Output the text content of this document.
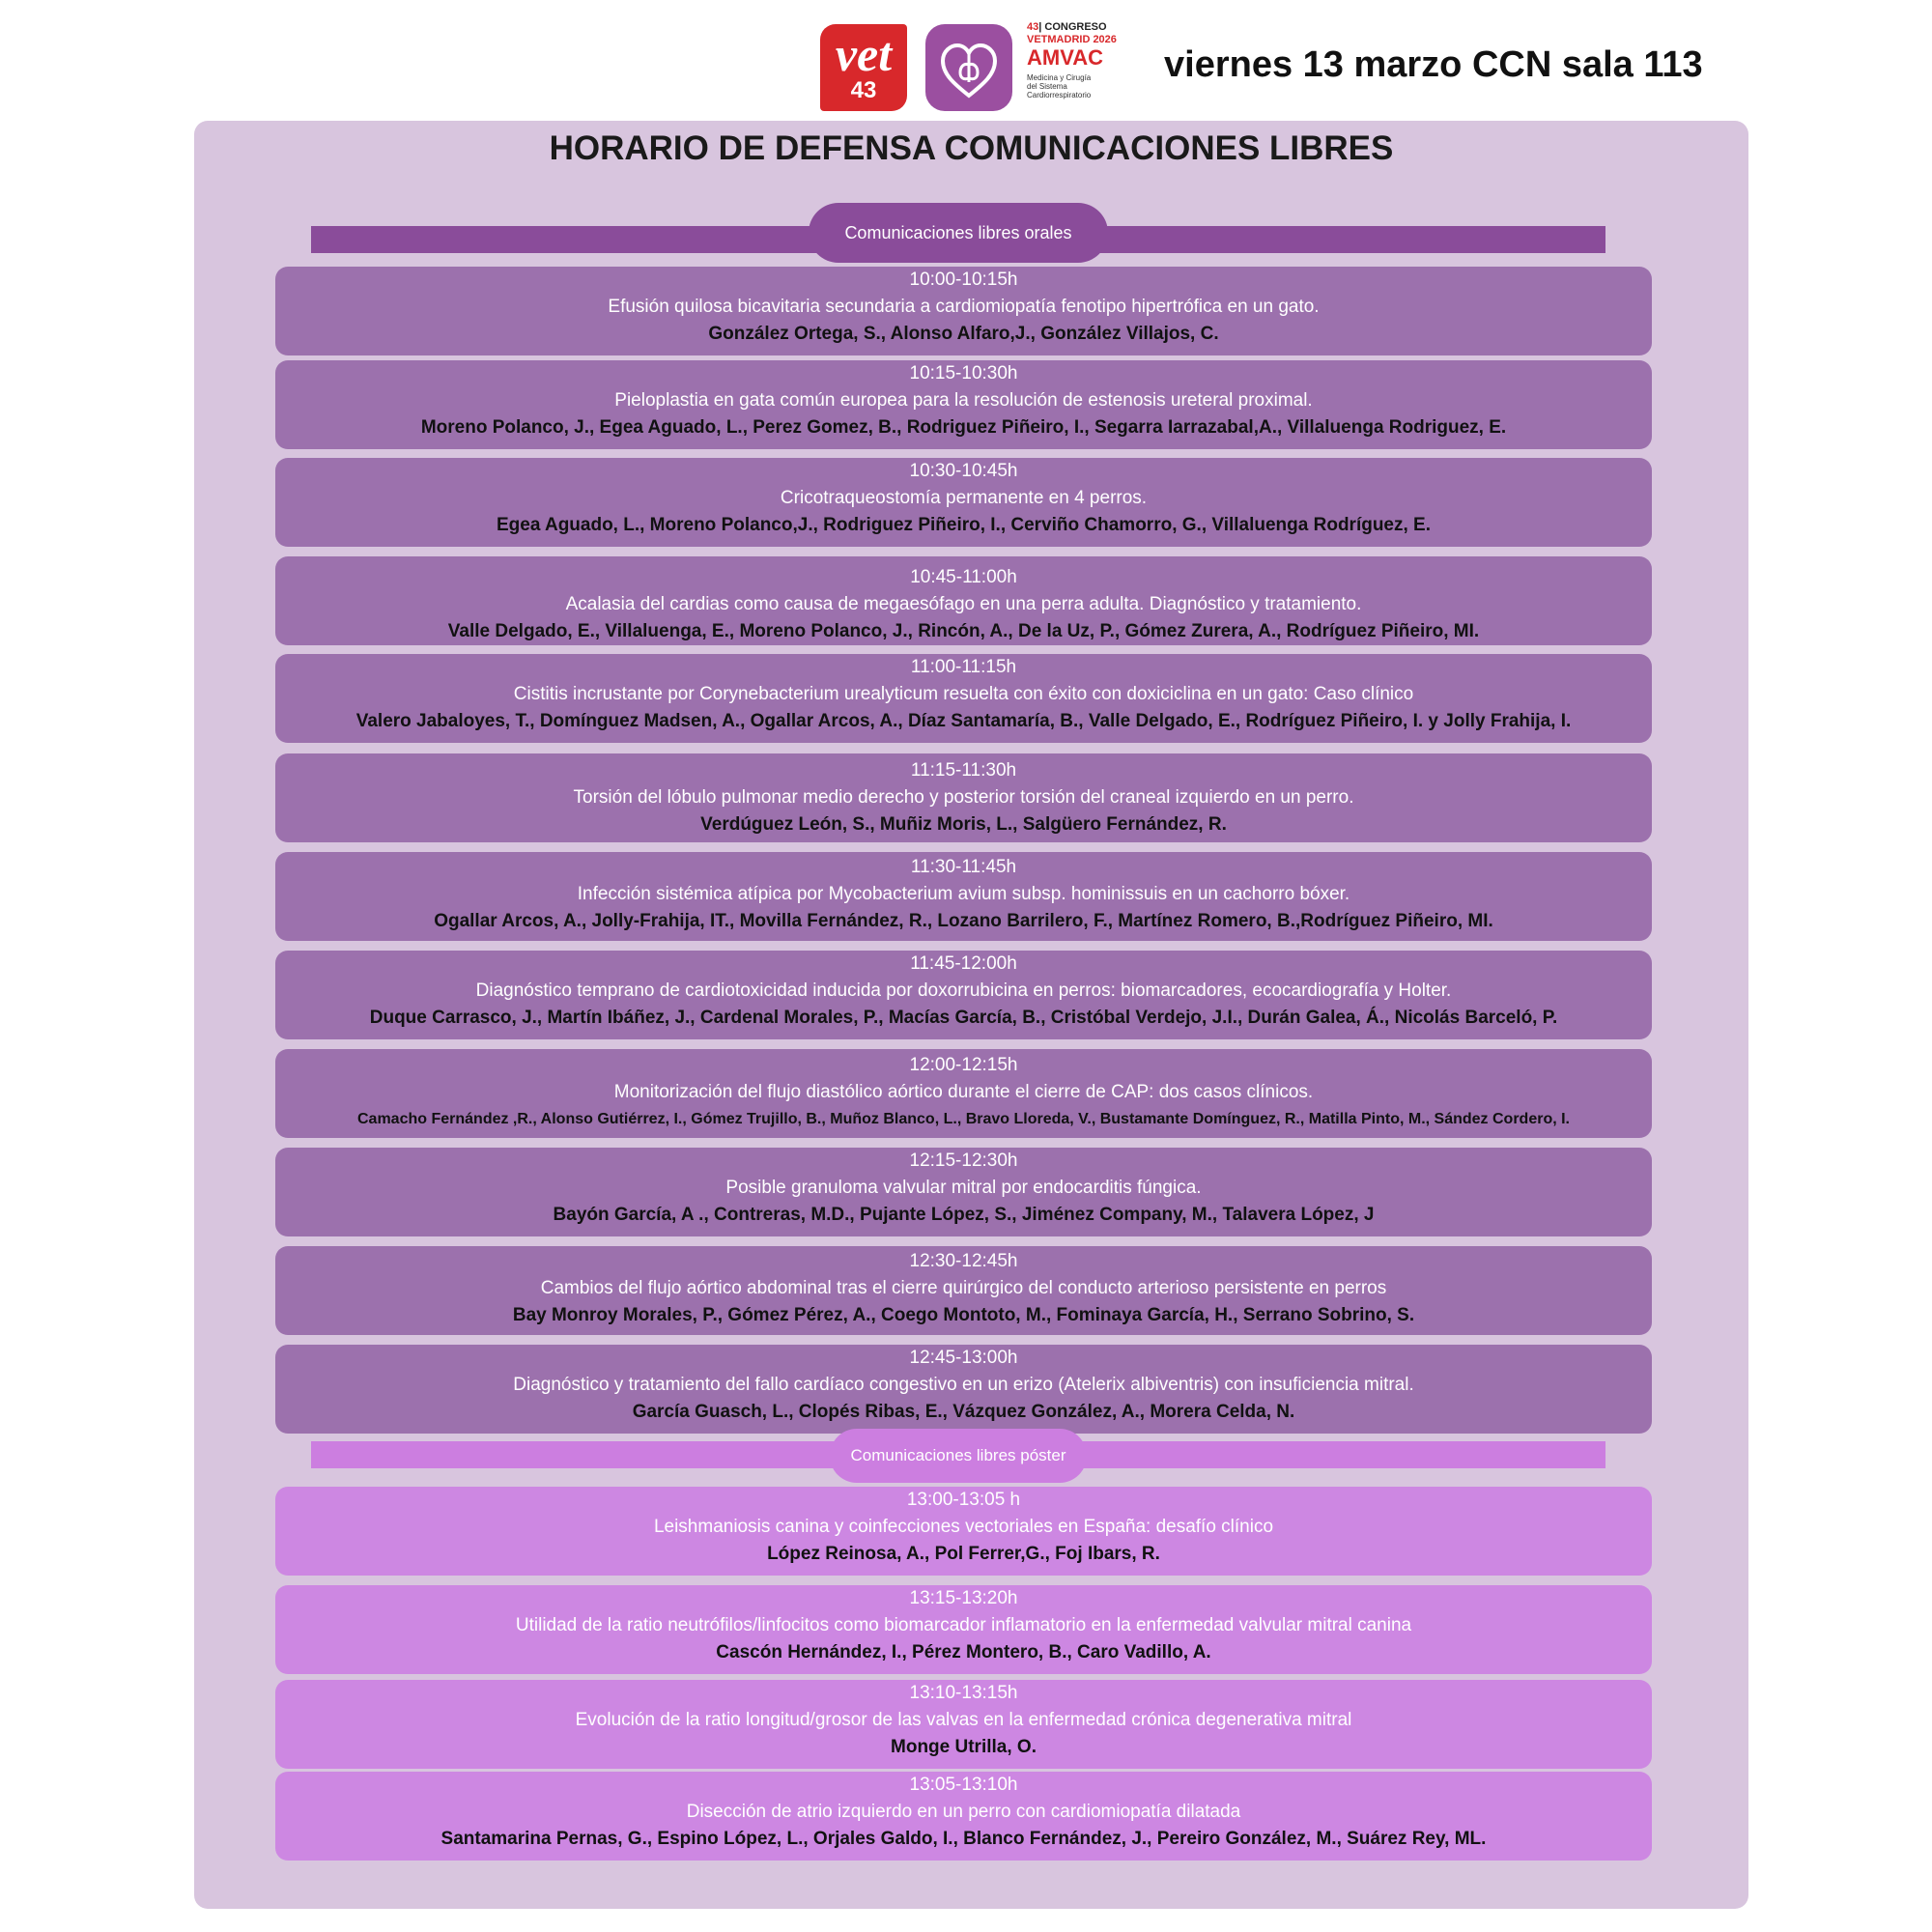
vet
43
43| CONGRESO
VETMADRID 2026
AMVAC
Medicina y Cirugía
del Sistema
Cardiorrespiratorio
viernes 13 marzo CCN sala 113
HORARIO DE DEFENSA COMUNICACIONES LIBRES
Comunicaciones libres orales
10:00-10:15h
Efusión quilosa bicavitaria secundaria a cardiomiopatía fenotipo hipertrófica en un gato.
González Ortega, S., Alonso Alfaro,J., González Villajos, C.
10:15-10:30h
Pieloplastia en gata común europea para la resolución de estenosis ureteral proximal.
Moreno Polanco, J., Egea Aguado, L., Perez Gomez, B., Rodriguez Piñeiro, I., Segarra Iarrazabal,A., Villaluenga Rodriguez, E.
10:30-10:45h
Cricotraqueostomía permanente en 4 perros.
Egea Aguado, L., Moreno Polanco,J., Rodriguez Piñeiro, I., Cerviño Chamorro, G., Villaluenga Rodríguez, E.
10:45-11:00h
Acalasia del cardias como causa de megaesófago en una perra adulta. Diagnóstico y tratamiento.
Valle Delgado, E., Villaluenga, E., Moreno Polanco, J., Rincón, A., De la Uz, P., Gómez Zurera, A., Rodríguez Piñeiro, MI.
11:00-11:15h
Cistitis incrustante por Corynebacterium urealyticum resuelta con éxito con doxiciclina en un gato: Caso clínico
Valero Jabaloyes, T., Domínguez Madsen, A., Ogallar Arcos, A., Díaz Santamaría, B., Valle Delgado, E., Rodríguez Piñeiro, I. y Jolly Frahija, I.
11:15-11:30h
Torsión del lóbulo pulmonar medio derecho y posterior torsión del craneal izquierdo en un perro.
Verdúguez León, S., Muñiz Moris, L., Salgüero Fernández, R.
11:30-11:45h
Infección sistémica atípica por Mycobacterium avium subsp. hominissuis en un cachorro bóxer.
Ogallar Arcos, A., Jolly-Frahija, IT., Movilla Fernández, R., Lozano Barrilero, F., Martínez Romero, B.,Rodríguez Piñeiro, MI.
11:45-12:00h
Diagnóstico temprano de cardiotoxicidad inducida por doxorrubicina en perros: biomarcadores, ecocardiografía y Holter.
Duque Carrasco, J., Martín Ibáñez, J., Cardenal Morales, P., Macías García, B., Cristóbal Verdejo, J.I., Durán Galea, Á., Nicolás Barceló, P.
12:00-12:15h
Monitorización del flujo diastólico aórtico durante el cierre de CAP: dos casos clínicos.
Camacho Fernández ,R., Alonso Gutiérrez, I., Gómez Trujillo, B., Muñoz Blanco, L., Bravo Lloreda, V., Bustamante Domínguez, R., Matilla Pinto, M., Sández Cordero, I.
12:15-12:30h
Posible granuloma valvular mitral por endocarditis fúngica.
Bayón García, A ., Contreras, M.D., Pujante López, S., Jiménez Company, M., Talavera López, J
12:30-12:45h
Cambios del flujo aórtico abdominal tras el cierre quirúrgico del conducto arterioso persistente en perros
Bay Monroy Morales, P., Gómez Pérez, A., Coego Montoto, M., Fominaya García, H., Serrano Sobrino, S.
12:45-13:00h
Diagnóstico y tratamiento del fallo cardíaco congestivo en un erizo (Atelerix albiventris) con insuficiencia mitral.
García Guasch, L., Clopés Ribas, E., Vázquez González, A., Morera Celda, N.
Comunicaciones libres póster
13:00-13:05 h
Leishmaniosis canina y coinfecciones vectoriales en España: desafío clínico
López Reinosa, A., Pol Ferrer,G., Foj Ibars, R.
13:15-13:20h
Utilidad de la ratio neutrófilos/linfocitos como biomarcador inflamatorio en la enfermedad valvular mitral canina
Cascón Hernández, I., Pérez Montero, B., Caro Vadillo, A.
13:10-13:15h
Evolución de la ratio longitud/grosor de las valvas en la enfermedad crónica degenerativa mitral
Monge Utrilla, O.
13:05-13:10h
Disección de atrio izquierdo en un perro con cardiomiopatía dilatada
Santamarina Pernas, G., Espino López, L., Orjales Galdo, I., Blanco Fernández, J., Pereiro González, M., Suárez Rey, ML.
